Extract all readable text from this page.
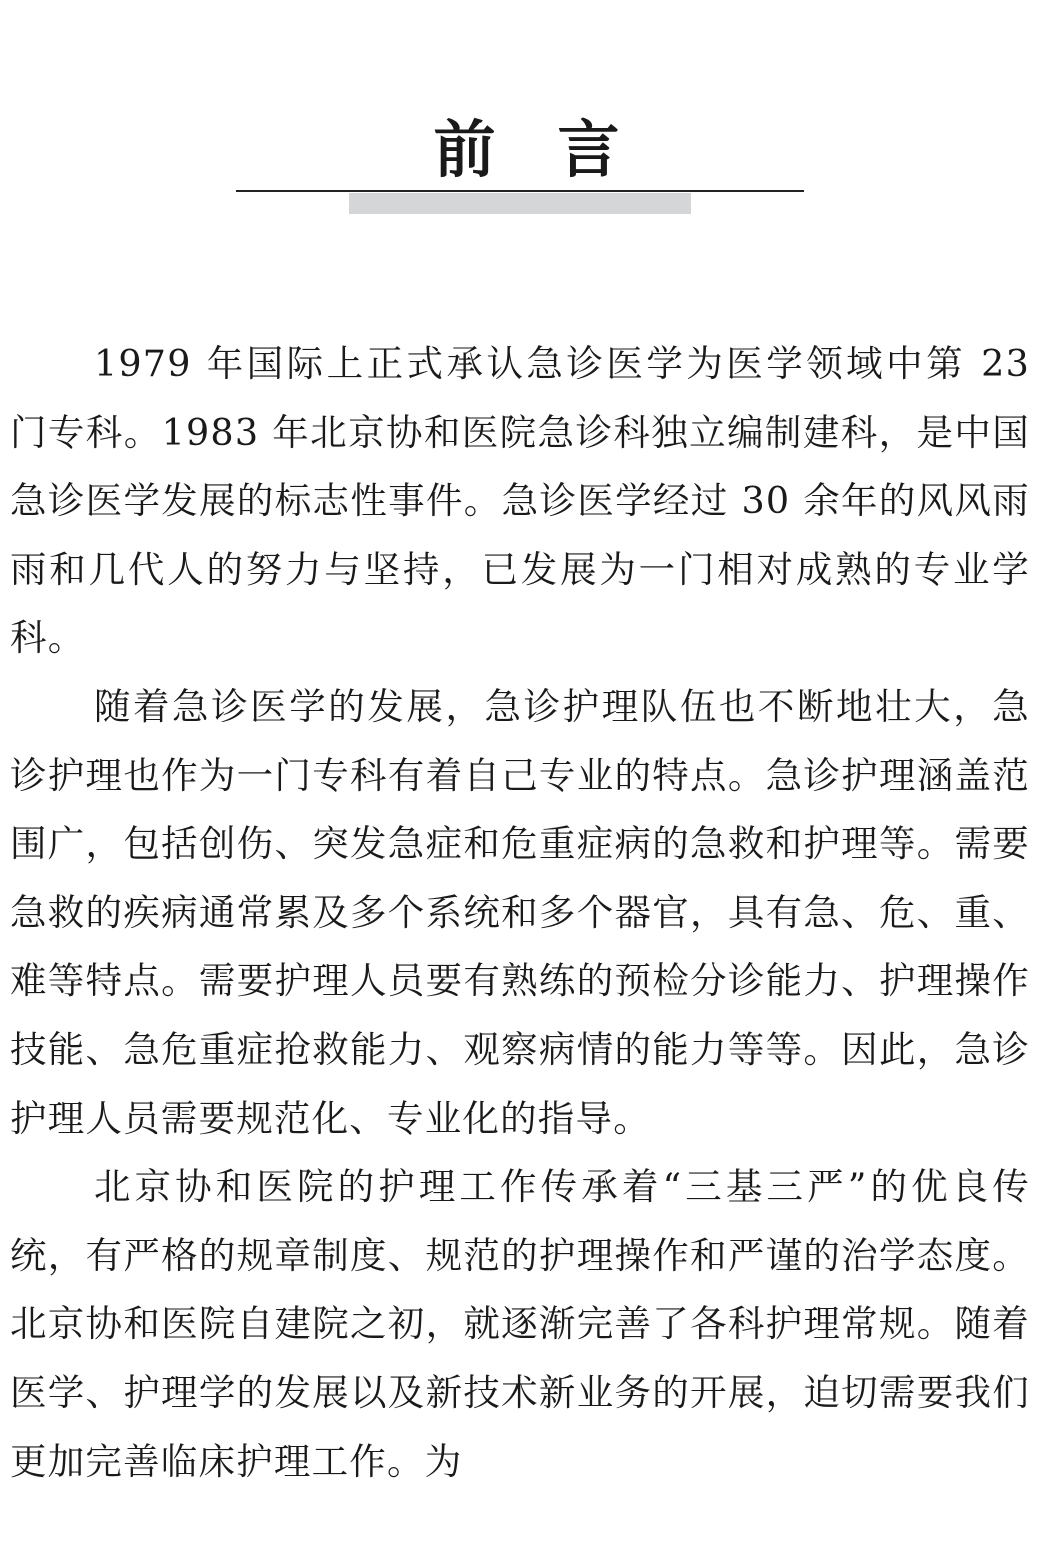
前　言

1979 年国际上正式承认急诊医学为医学领域中第 23 门专科。1983 年北京协和医院急诊科独立编制建科，是中国急诊医学发展的标志性事件。急诊医学经过 30 余年的风风雨雨和几代人的努力与坚持，已发展为一门相对成熟的专业学科。

随着急诊医学的发展，急诊护理队伍也不断地壮大，急诊护理也作为一门专科有着自己专业的特点。急诊护理涵盖范围广，包括创伤、突发急症和危重症病的急救和护理等。需要急救的疾病通常累及多个系统和多个器官，具有急、危、重、难等特点。需要护理人员要有熟练的预检分诊能力、护理操作技能、急危重症抢救能力、观察病情的能力等等。因此，急诊护理人员需要规范化、专业化的指导。

北京协和医院的护理工作传承着“三基三严”的优良传统，有严格的规章制度、规范的护理操作和严谨的治学态度。北京协和医院自建院之初，就逐渐完善了各科护理常规。随着医学、护理学的发展以及新技术新业务的开展，迫切需要我们更加完善临床护理工作。为
